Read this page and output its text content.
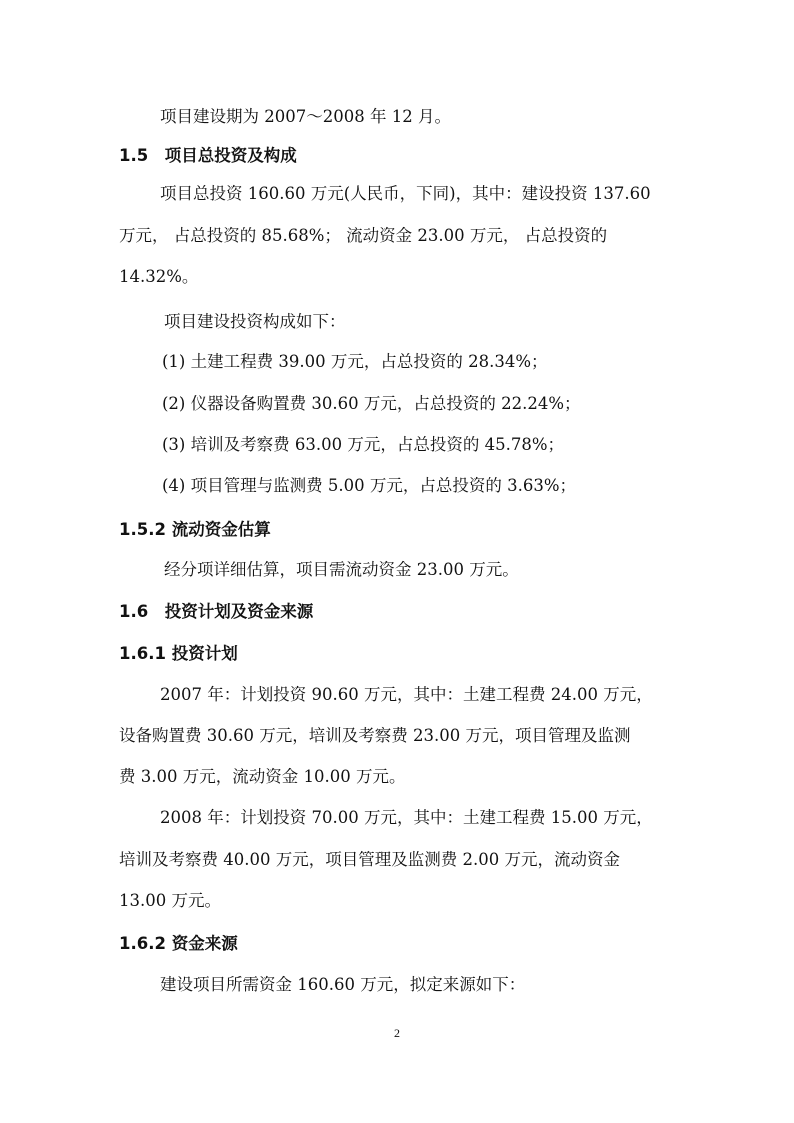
项目建设期为 2007～2008 年 12 月。
1.5　项目总投资及构成
项目总投资 160.60 万元(人民币，下同)，其中：建设投资 137.60
万元， 占总投资的 85.68%； 流动资金 23.00 万元， 占总投资的
14.32%。
项目建设投资构成如下：
(1) 土建工程费 39.00 万元，占总投资的 28.34%；
(2) 仪器设备购置费 30.60 万元，占总投资的 22.24%；
(3) 培训及考察费 63.00 万元，占总投资的 45.78%；
(4) 项目管理与监测费 5.00 万元，占总投资的 3.63%；
1.5.2 流动资金估算
经分项详细估算，项目需流动资金 23.00 万元。
1.6　投资计划及资金来源
1.6.1 投资计划
2007 年：计划投资 90.60 万元，其中：土建工程费 24.00 万元，
设备购置费 30.60 万元，培训及考察费 23.00 万元，项目管理及监测
费 3.00 万元，流动资金 10.00 万元。
2008 年：计划投资 70.00 万元，其中：土建工程费 15.00 万元，
培训及考察费 40.00 万元，项目管理及监测费 2.00 万元，流动资金
13.00 万元。
1.6.2 资金来源
建设项目所需资金 160.60 万元，拟定来源如下：
2
